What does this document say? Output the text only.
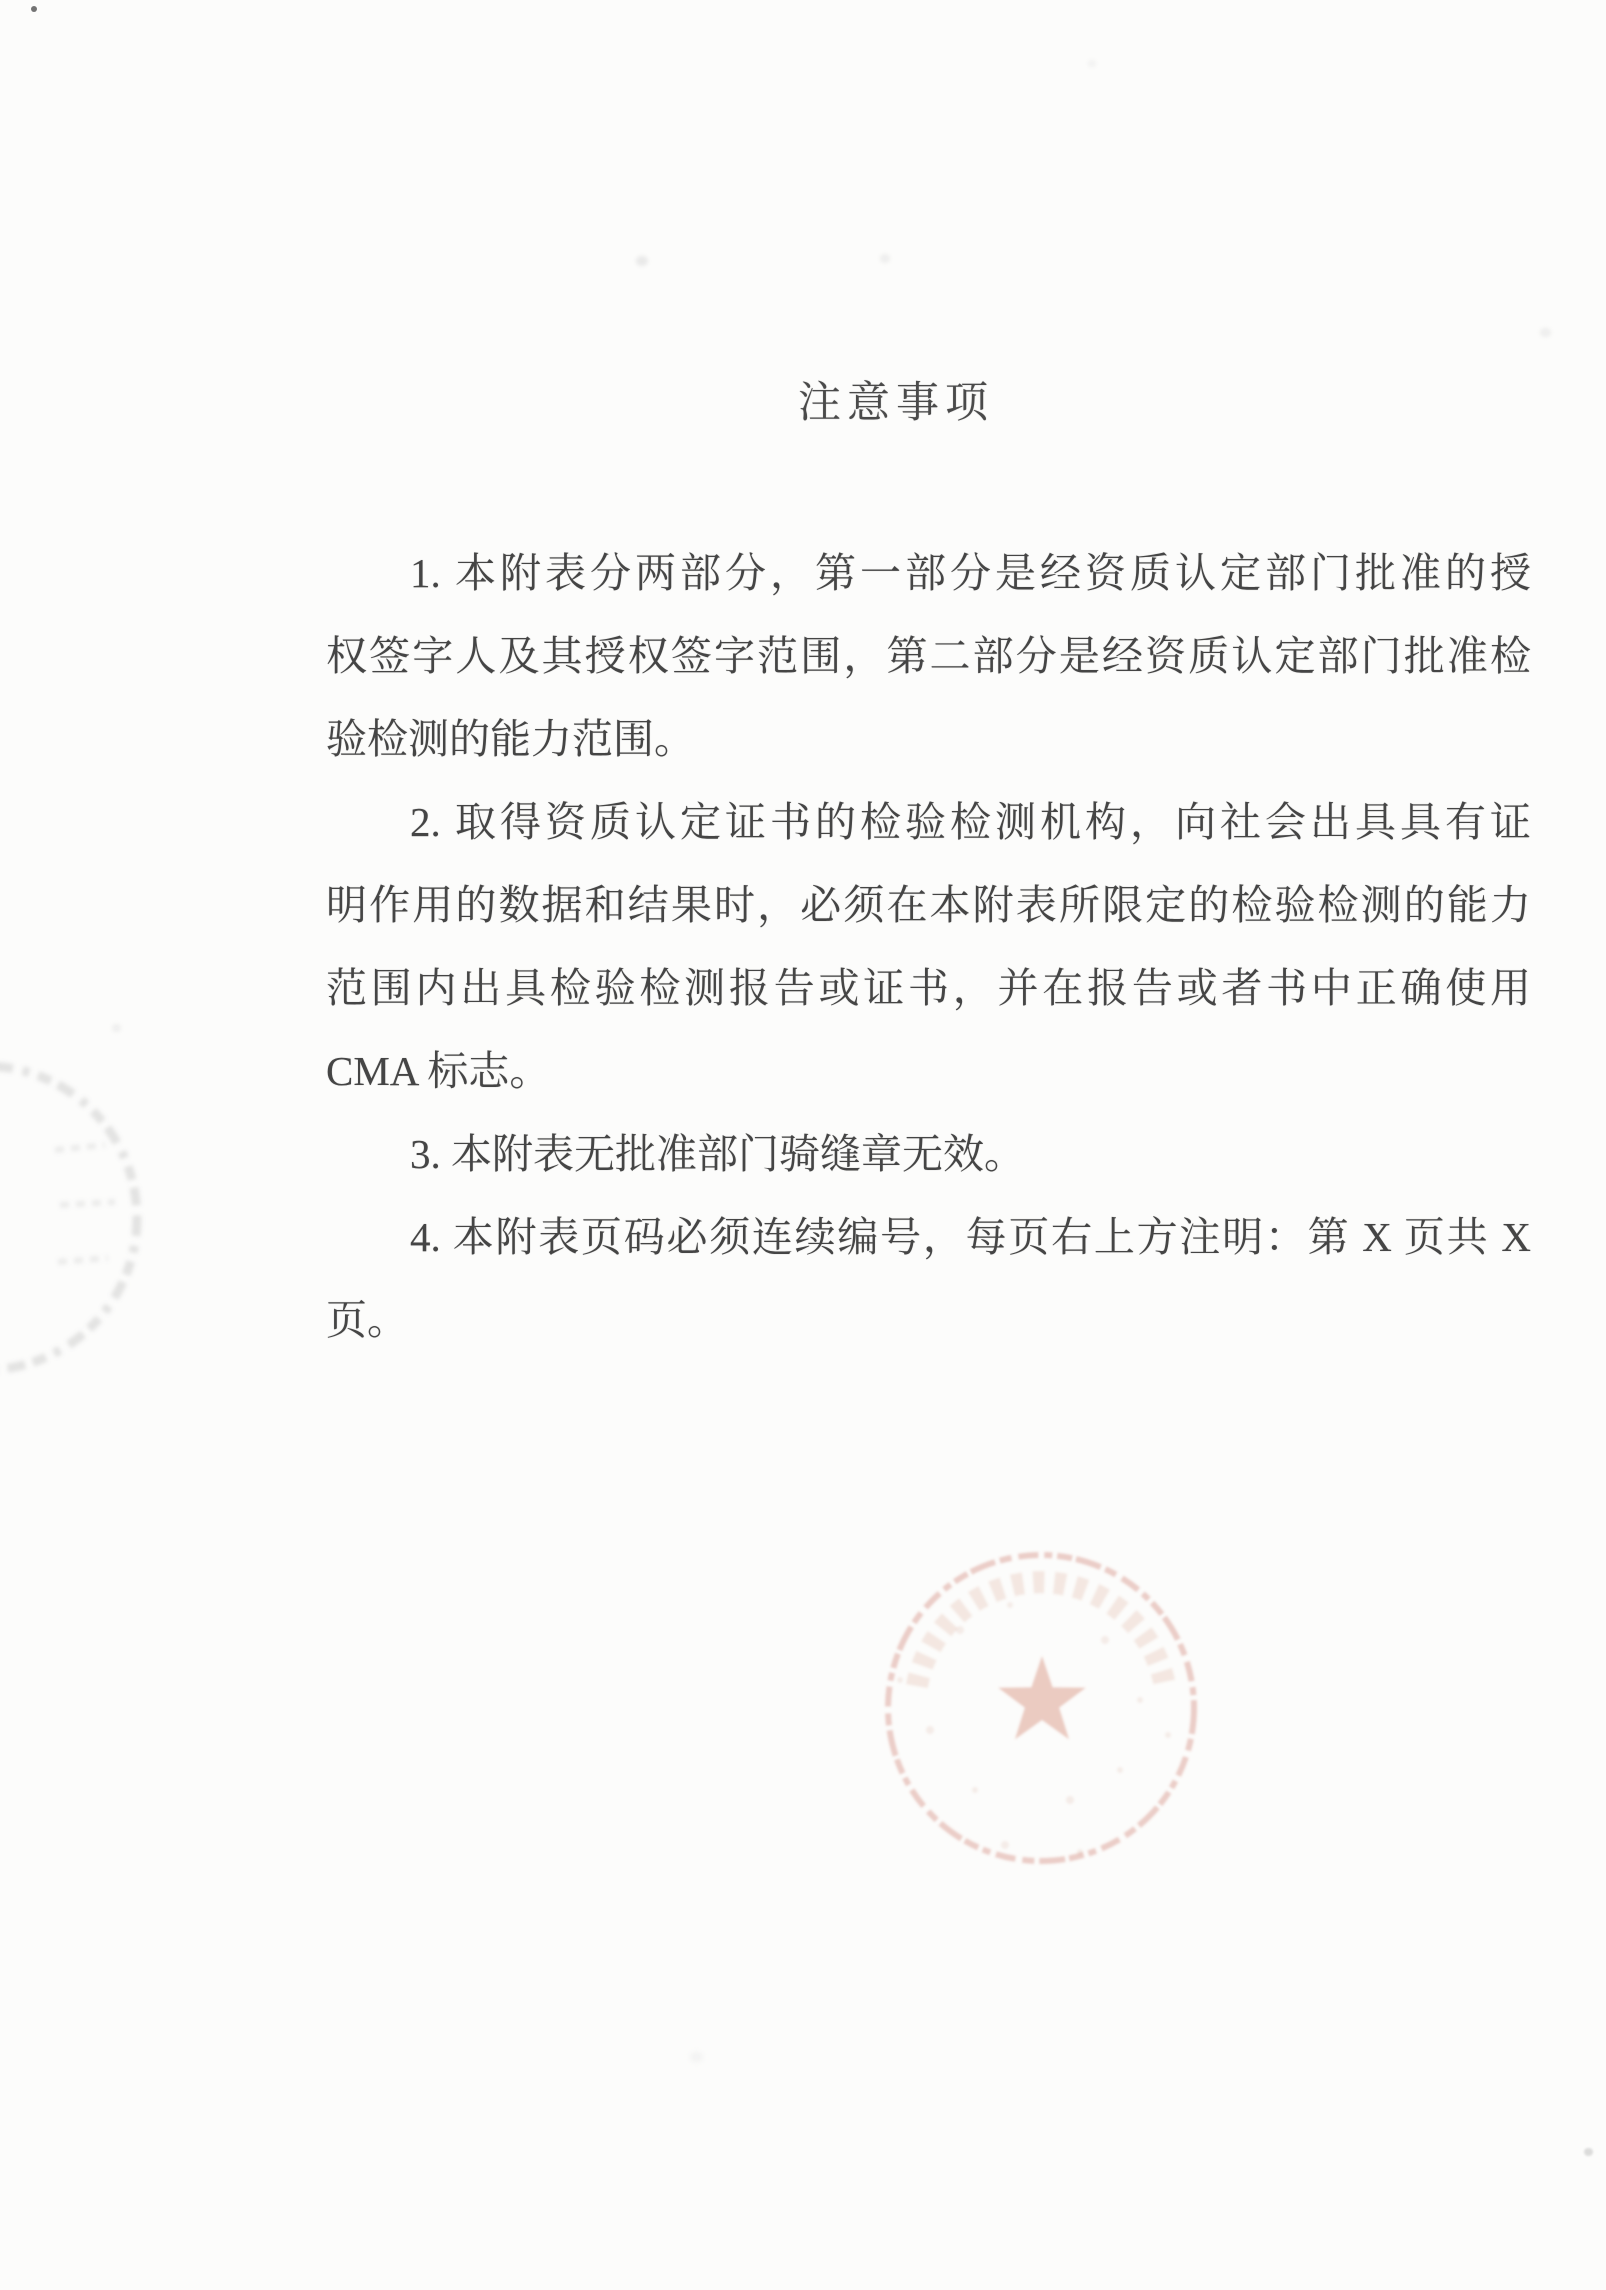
注意事项
1. 本附表分两部分，第一部分是经资质认定部门批准的授
权签字人及其授权签字范围，第二部分是经资质认定部门批准检
验检测的能力范围。
2. 取得资质认定证书的检验检测机构，向社会出具具有证
明作用的数据和结果时，必须在本附表所限定的检验检测的能力
范围内出具检验检测报告或证书，并在报告或者书中正确使用
CMA 标志。
3. 本附表无批准部门骑缝章无效。
4. 本附表页码必须连续编号，每页右上方注明：第 X 页共 X
页。
